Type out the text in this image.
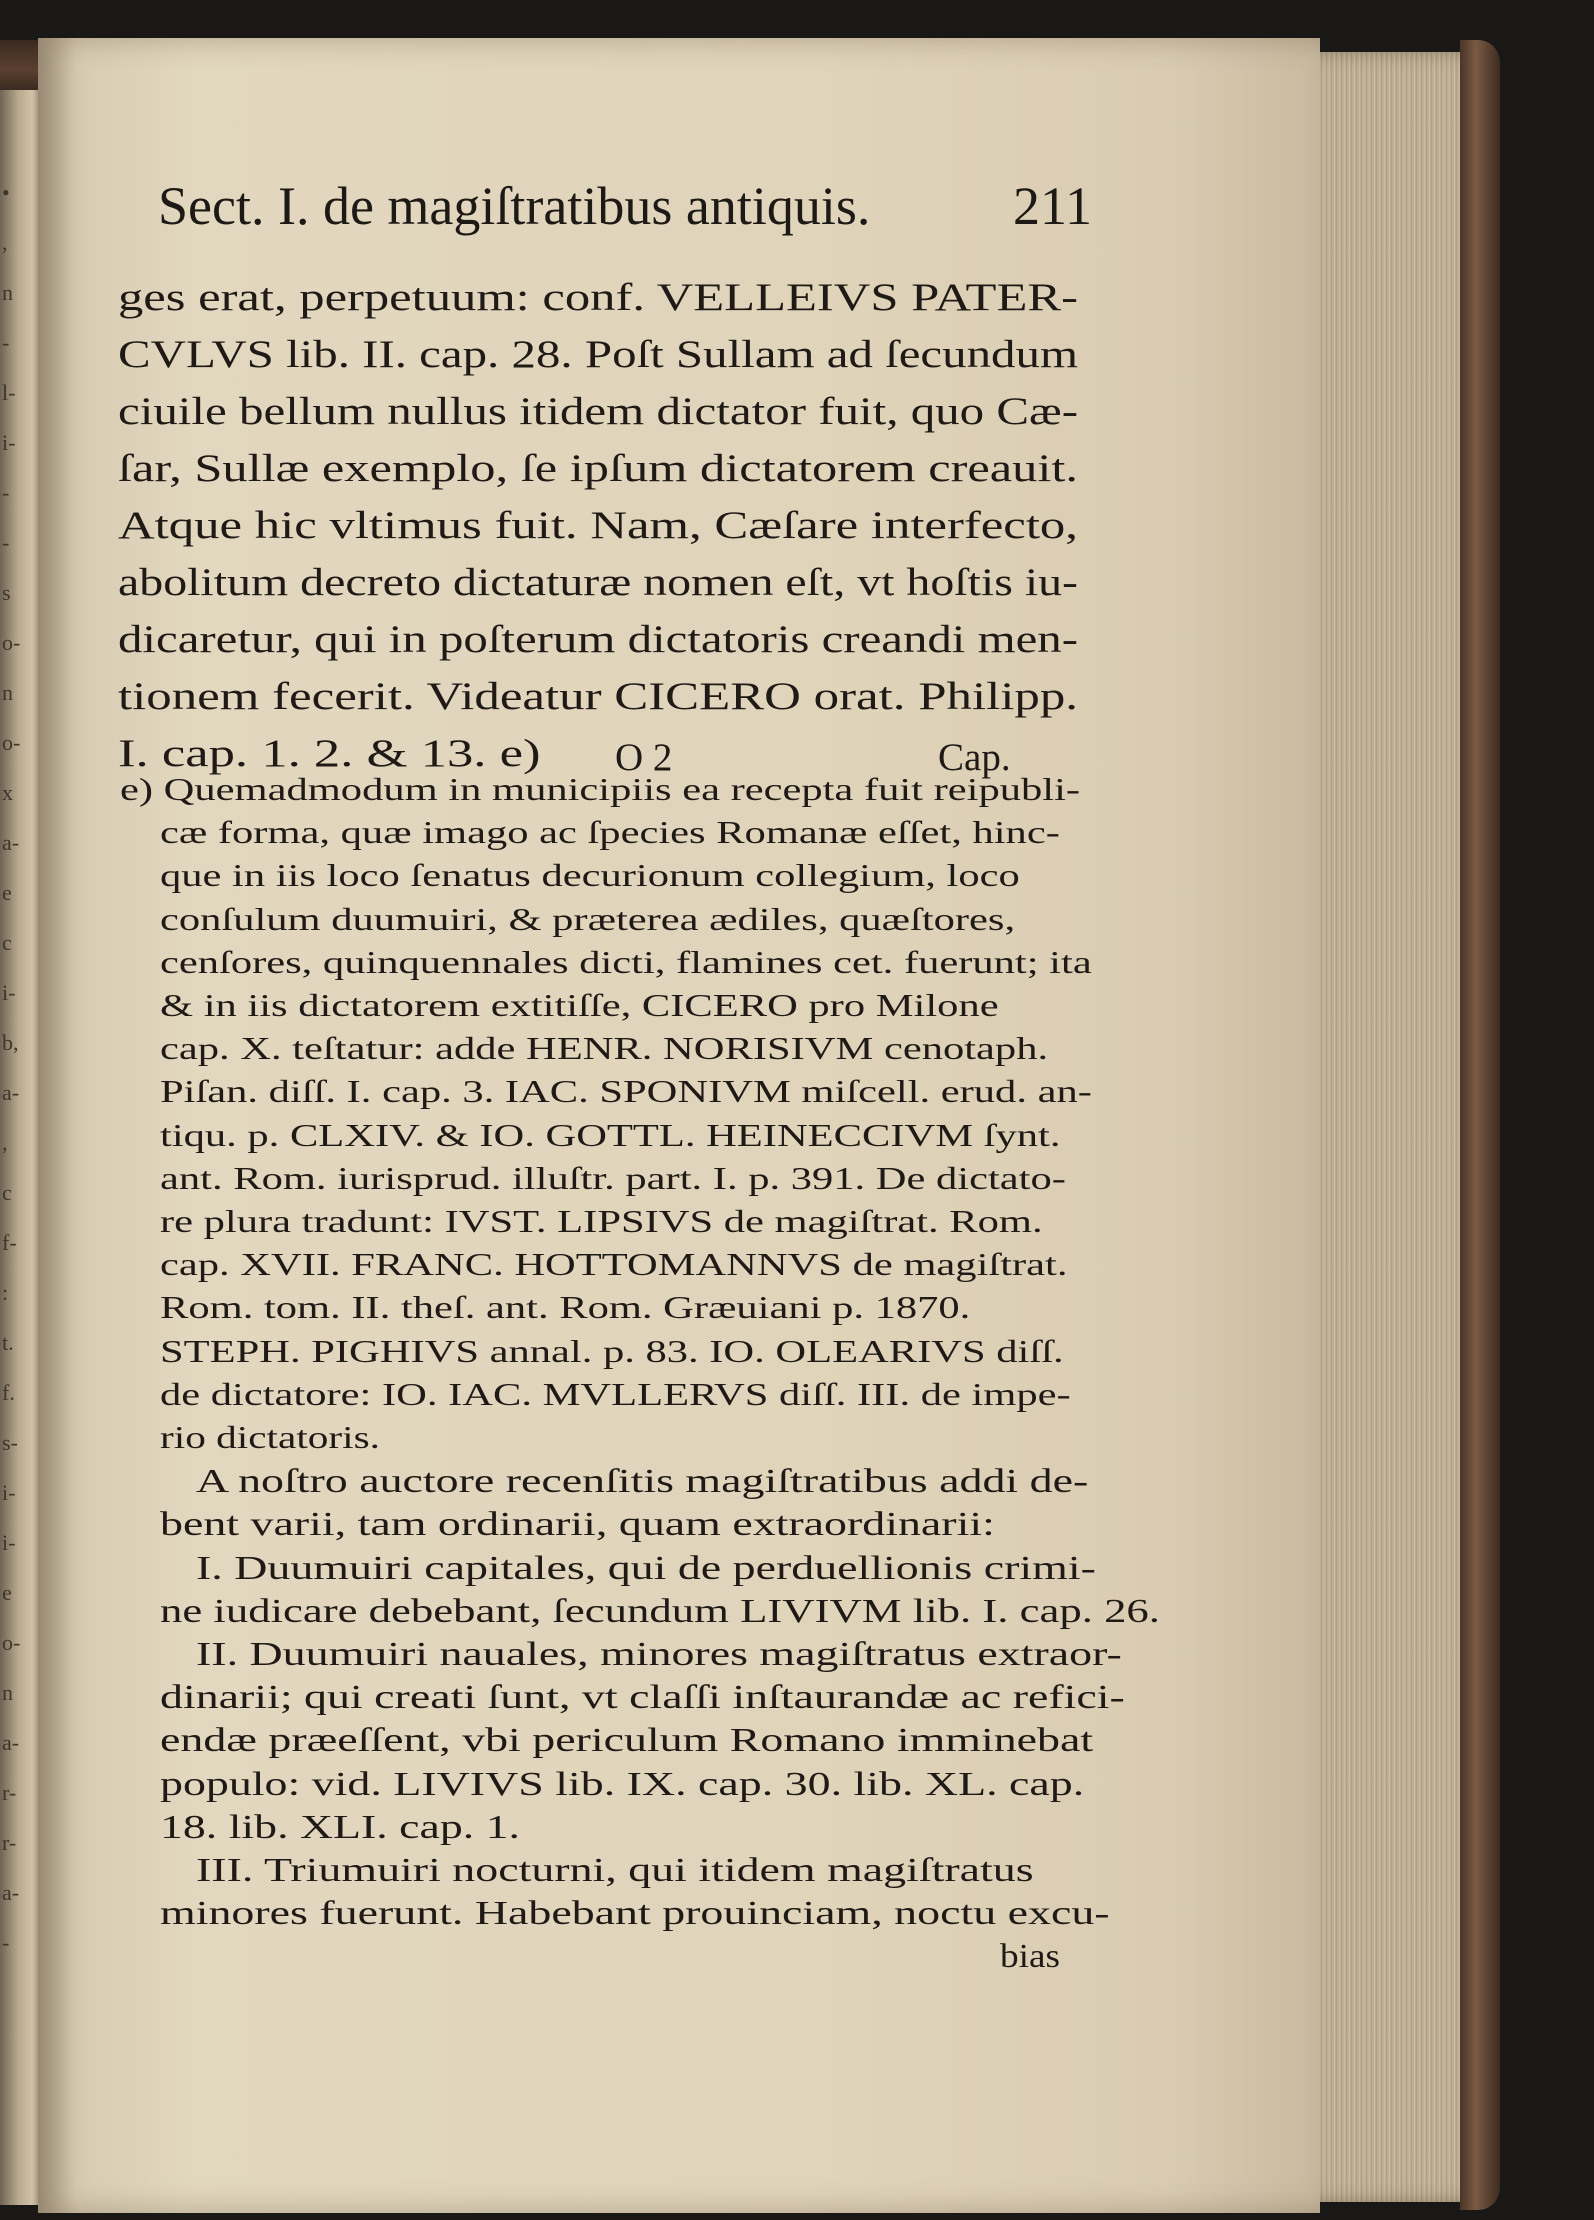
•
,
n
-
l-
i-
-
-
s
o-
n
o-
x
a-
e
c
i-
b,
a-
,
c
f-
:
t.
f.
s-
i-
i-
e
o-
n
a-
r-
r-
a-
-
Sect. I. de magiſtratibus antiquis.	211
O 2	Cap.
ges erat, perpetuum: conf. VELLEIVS PATER-
CVLVS lib. II. cap. 28. Poſt Sullam ad ſecundum
ciuile bellum nullus itidem dictator fuit, quo Cæ-
ſar, Sullæ exemplo, ſe ipſum dictatorem creauit.
Atque hic vltimus fuit. Nam, Cæſare interfecto,
abolitum decreto dictaturæ nomen eſt, vt hoſtis iu-
dicaretur, qui in poſterum dictatoris creandi men-
tionem fecerit. Videatur CICERO orat. Philipp.
I. cap. 1. 2. & 13. e)
e) Quemadmodum in municipiis ea recepta fuit reipubli-
cæ forma, quæ imago ac ſpecies Romanæ eſſet, hinc-
que in iis loco ſenatus decurionum collegium, loco
conſulum duumuiri, & præterea ædiles, quæſtores,
cenſores, quinquennales dicti, flamines cet. fuerunt; ita
& in iis dictatorem extitiſſe, CICERO pro Milone
cap. X. teſtatur: adde HENR. NORISIVM cenotaph.
Piſan. diſſ. I. cap. 3. IAC. SPONIVM miſcell. erud. an-
tiqu. p. CLXIV. & IO. GOTTL. HEINECCIVM ſynt.
ant. Rom. iurisprud. illuſtr. part. I. p. 391. De dictato-
re plura tradunt: IVST. LIPSIVS de magiſtrat. Rom.
cap. XVII. FRANC. HOTTOMANNVS de magiſtrat.
Rom. tom. II. theſ. ant. Rom. Græuiani p. 1870.
STEPH. PIGHIVS annal. p. 83. IO. OLEARIVS diſſ.
de dictatore: IO. IAC. MVLLERVS diſſ. III. de impe-
rio dictatoris.
A noſtro auctore recenſitis magiſtratibus addi de-
bent varii, tam ordinarii, quam extraordinarii:
I. Duumuiri capitales, qui de perduellionis crimi-
ne iudicare debebant, ſecundum LIVIVM lib. I. cap. 26.
II. Duumuiri nauales, minores magiſtratus extraor-
dinarii; qui creati ſunt, vt claſſi inſtaurandæ ac refici-
endæ præeſſent, vbi periculum Romano imminebat
populo: vid. LIVIVS lib. IX. cap. 30. lib. XL. cap.
18. lib. XLI. cap. 1.
III. Triumuiri nocturni, qui itidem magiſtratus
minores fuerunt. Habebant prouinciam, noctu excu-
bias
